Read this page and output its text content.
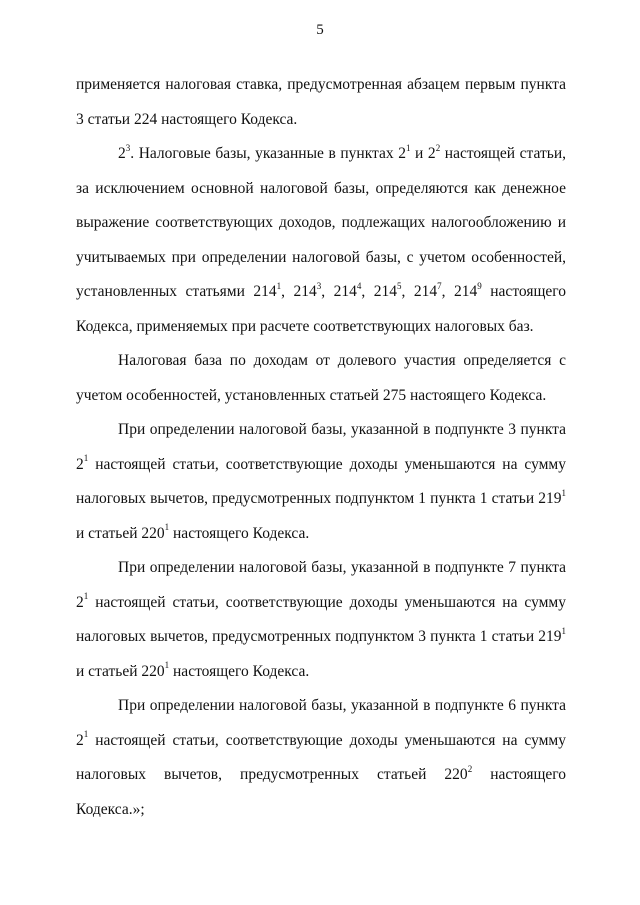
5

применяется налоговая ставка, предусмотренная абзацем первым пункта 3 статьи 224 настоящего Кодекса.

$2^3$. Налоговые базы, указанные в пунктах $2^1$ и $2^2$ настоящей статьи, за исключением основной налоговой базы, определяются как денежное выражение соответствующих доходов, подлежащих налогообложению и учитываемых при определении налоговой базы, с учетом особенностей, установленных статьями $214^1$, $214^3$, $214^4$, $214^5$, $214^7$, $214^9$ настоящего Кодекса, применяемых при расчете соответствующих налоговых баз.

Налоговая база по доходам от долевого участия определяется с учетом особенностей, установленных статьей 275 настоящего Кодекса.

При определении налоговой базы, указанной в подпункте 3 пункта $2^1$ настоящей статьи, соответствующие доходы уменьшаются на сумму налоговых вычетов, предусмотренных подпунктом 1 пункта 1 статьи $219^1$ и статьей $220^1$ настоящего Кодекса.

При определении налоговой базы, указанной в подпункте 7 пункта $2^1$ настоящей статьи, соответствующие доходы уменьшаются на сумму налоговых вычетов, предусмотренных подпунктом 3 пункта 1 статьи $219^1$ и статьей $220^1$ настоящего Кодекса.

При определении налоговой базы, указанной в подпункте 6 пункта $2^1$ настоящей статьи, соответствующие доходы уменьшаются на сумму налоговых вычетов, предусмотренных статьей $220^2$ настоящего Кодекса.»;
